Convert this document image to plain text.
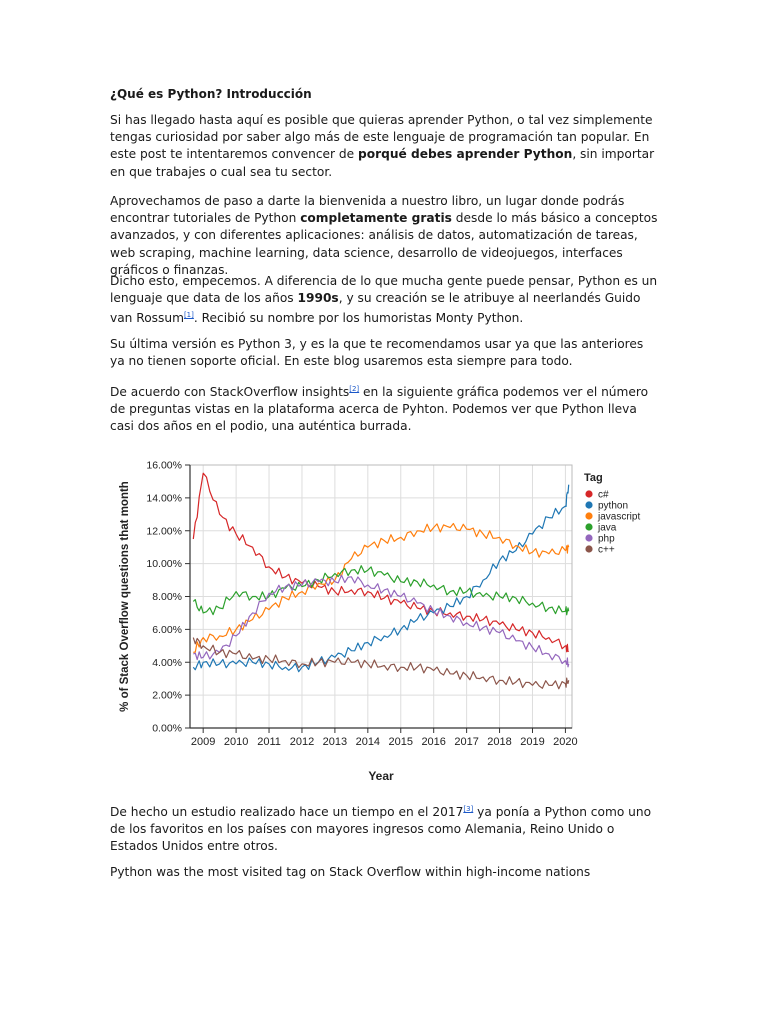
¿Qué es Python? Introducción
Si has llegado hasta aquí es posible que quieras aprender Python, o tal vez simplemente tengas curiosidad por saber algo más de este lenguaje de programación tan popular. En este post te intentaremos convencer de porqué debes aprender Python, sin importar en que trabajes o cual sea tu sector.
Aprovechamos de paso a darte la bienvenida a nuestro libro, un lugar donde podrás encontrar tutoriales de Python completamente gratis desde lo más básico a conceptos avanzados, y con diferentes aplicaciones: análisis de datos, automatización de tareas, web scraping, machine learning, data science, desarrollo de videojuegos, interfaces gráficos o finanzas.
Dicho esto, empecemos. A diferencia de lo que mucha gente puede pensar, Python es un lenguaje que data de los años 1990s, y su creación se le atribuye al neerlandés Guido van Rossum[1]. Recibió su nombre por los humoristas Monty Python.
Su última versión es Python 3, y es la que te recomendamos usar ya que las anteriores ya no tienen soporte oficial. En este blog usaremos esta siempre para todo.
De acuerdo con StackOverflow insights[2] en la siguiente gráfica podemos ver el número de preguntas vistas en la plataforma acerca de Pyhton. Podemos ver que Python lleva casi dos años en el podio, una auténtica burrada.
De hecho un estudio realizado hace un tiempo en el 2017[3] ya ponía a Python como uno de los favoritos en los países con mayores ingresos como Alemania, Reino Unido o Estados Unidos entre otros.
Python was the most visited tag on Stack Overflow within high-income nations
0.00%
2.00%
4.00%
6.00%
8.00%
10.00%
12.00%
14.00%
16.00%
2009 2010 2011 2012 2013 2014 2015 2016 2017 2018 2019 2020
Year
% of Stack Overflow questions that month
Tag
c#
python
javascript
java
php
c++
